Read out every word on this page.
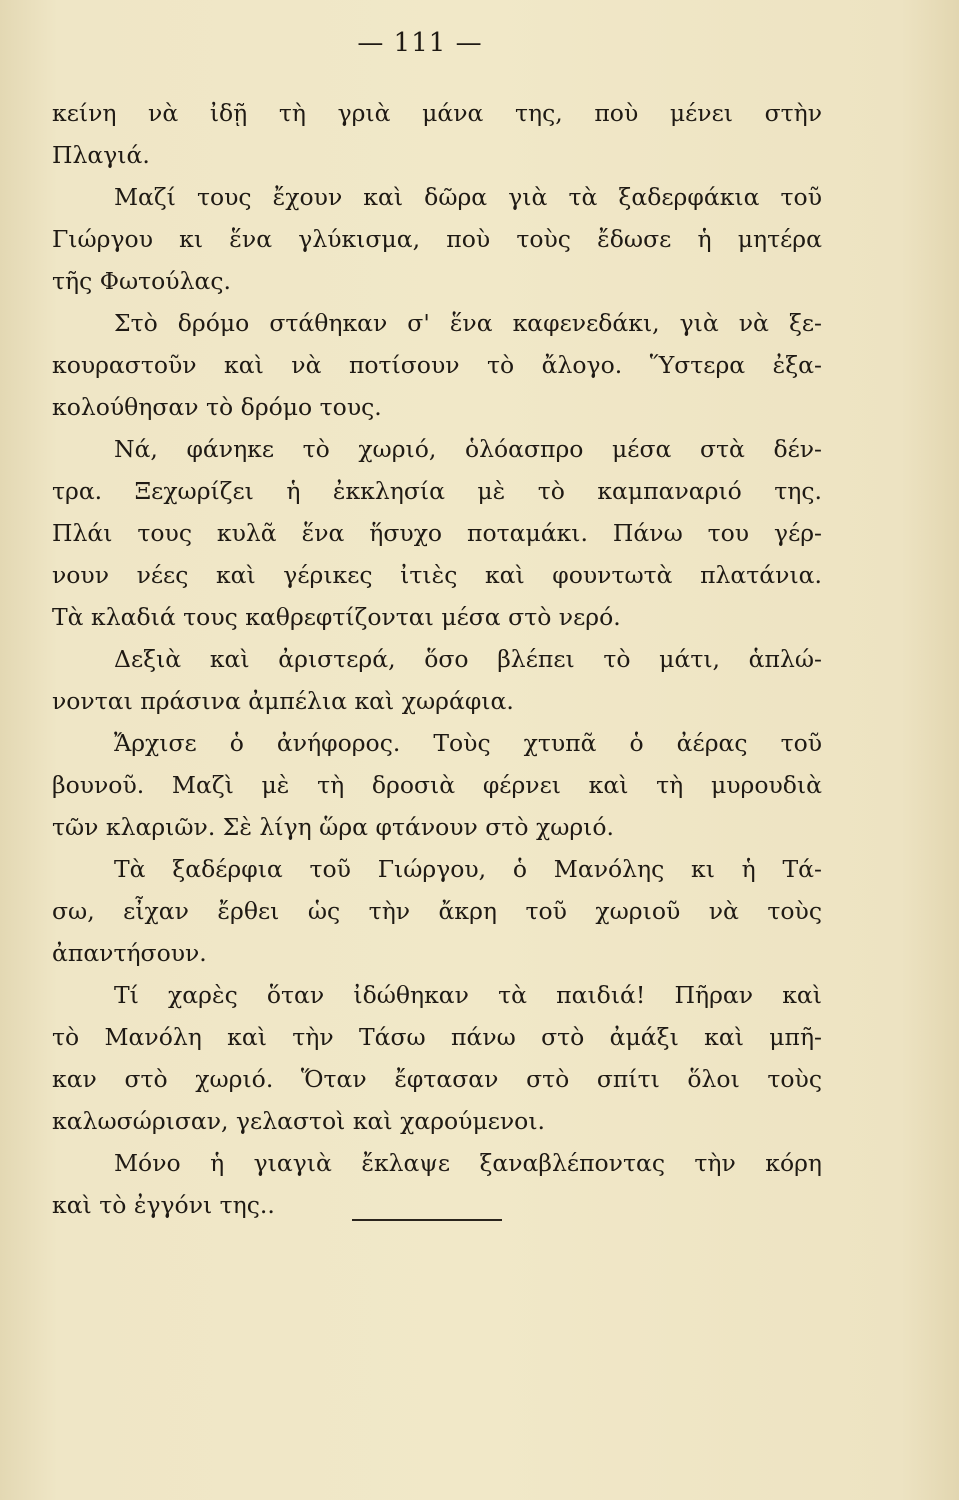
— 111 —
κείνη νὰ ἰδῇ τὴ γριὰ μάνα της, ποὺ μένει στὴν
Πλαγιά.
Μαζί τους ἔχουν καὶ δῶρα γιὰ τὰ ξαδερφάκια τοῦ
Γιώργου κι ἕνα γλύκισμα, ποὺ τοὺς ἔδωσε ἡ μητέρα
τῆς Φωτούλας.
Στὸ δρόμο στάθηκαν σ' ἕνα καφενεδάκι, γιὰ νὰ ξε-
κουραστοῦν καὶ νὰ ποτίσουν τὸ ἄλογο. Ὕστερα ἐξα-
κολούθησαν τὸ δρόμο τους.
Νά, φάνηκε τὸ χωριό, ὁλόασπρο μέσα στὰ δέν-
τρα. Ξεχωρίζει ἡ ἐκκλησία μὲ τὸ καμπαναριό της.
Πλάι τους κυλᾶ ἕνα ἥσυχο ποταμάκι. Πάνω του γέρ-
νουν νέες καὶ γέρικες ἰτιὲς καὶ φουντωτὰ πλατάνια.
Τὰ κλαδιά τους καθρεφτίζονται μέσα στὸ νερό.
Δεξιὰ καὶ ἀριστερά, ὅσο βλέπει τὸ μάτι, ἁπλώ-
νονται πράσινα ἀμπέλια καὶ χωράφια.
Ἄρχισε ὁ ἀνήφορος. Τοὺς χτυπᾶ ὁ ἀέρας τοῦ
βουνοῦ. Μαζὶ μὲ τὴ δροσιὰ φέρνει καὶ τὴ μυρουδιὰ
τῶν κλαριῶν. Σὲ λίγη ὥρα φτάνουν στὸ χωριό.
Τὰ ξαδέρφια τοῦ Γιώργου, ὁ Μανόλης κι ἡ Τά-
σω, εἶχαν ἔρθει ὡς τὴν ἄκρη τοῦ χωριοῦ νὰ τοὺς
ἀπαντήσουν.
Τί χαρὲς ὅταν ἰδώθηκαν τὰ παιδιά! Πῆραν καὶ
τὸ Μανόλη καὶ τὴν Τάσω πάνω στὸ ἀμάξι καὶ μπῆ-
καν στὸ χωριό. Ὅταν ἔφτασαν στὸ σπίτι ὅλοι τοὺς
καλωσώρισαν, γελαστοὶ καὶ χαρούμενοι.
Μόνο ἡ γιαγιὰ ἔκλαψε ξαναβλέποντας τὴν κόρη
καὶ τὸ ἐγγόνι της..
